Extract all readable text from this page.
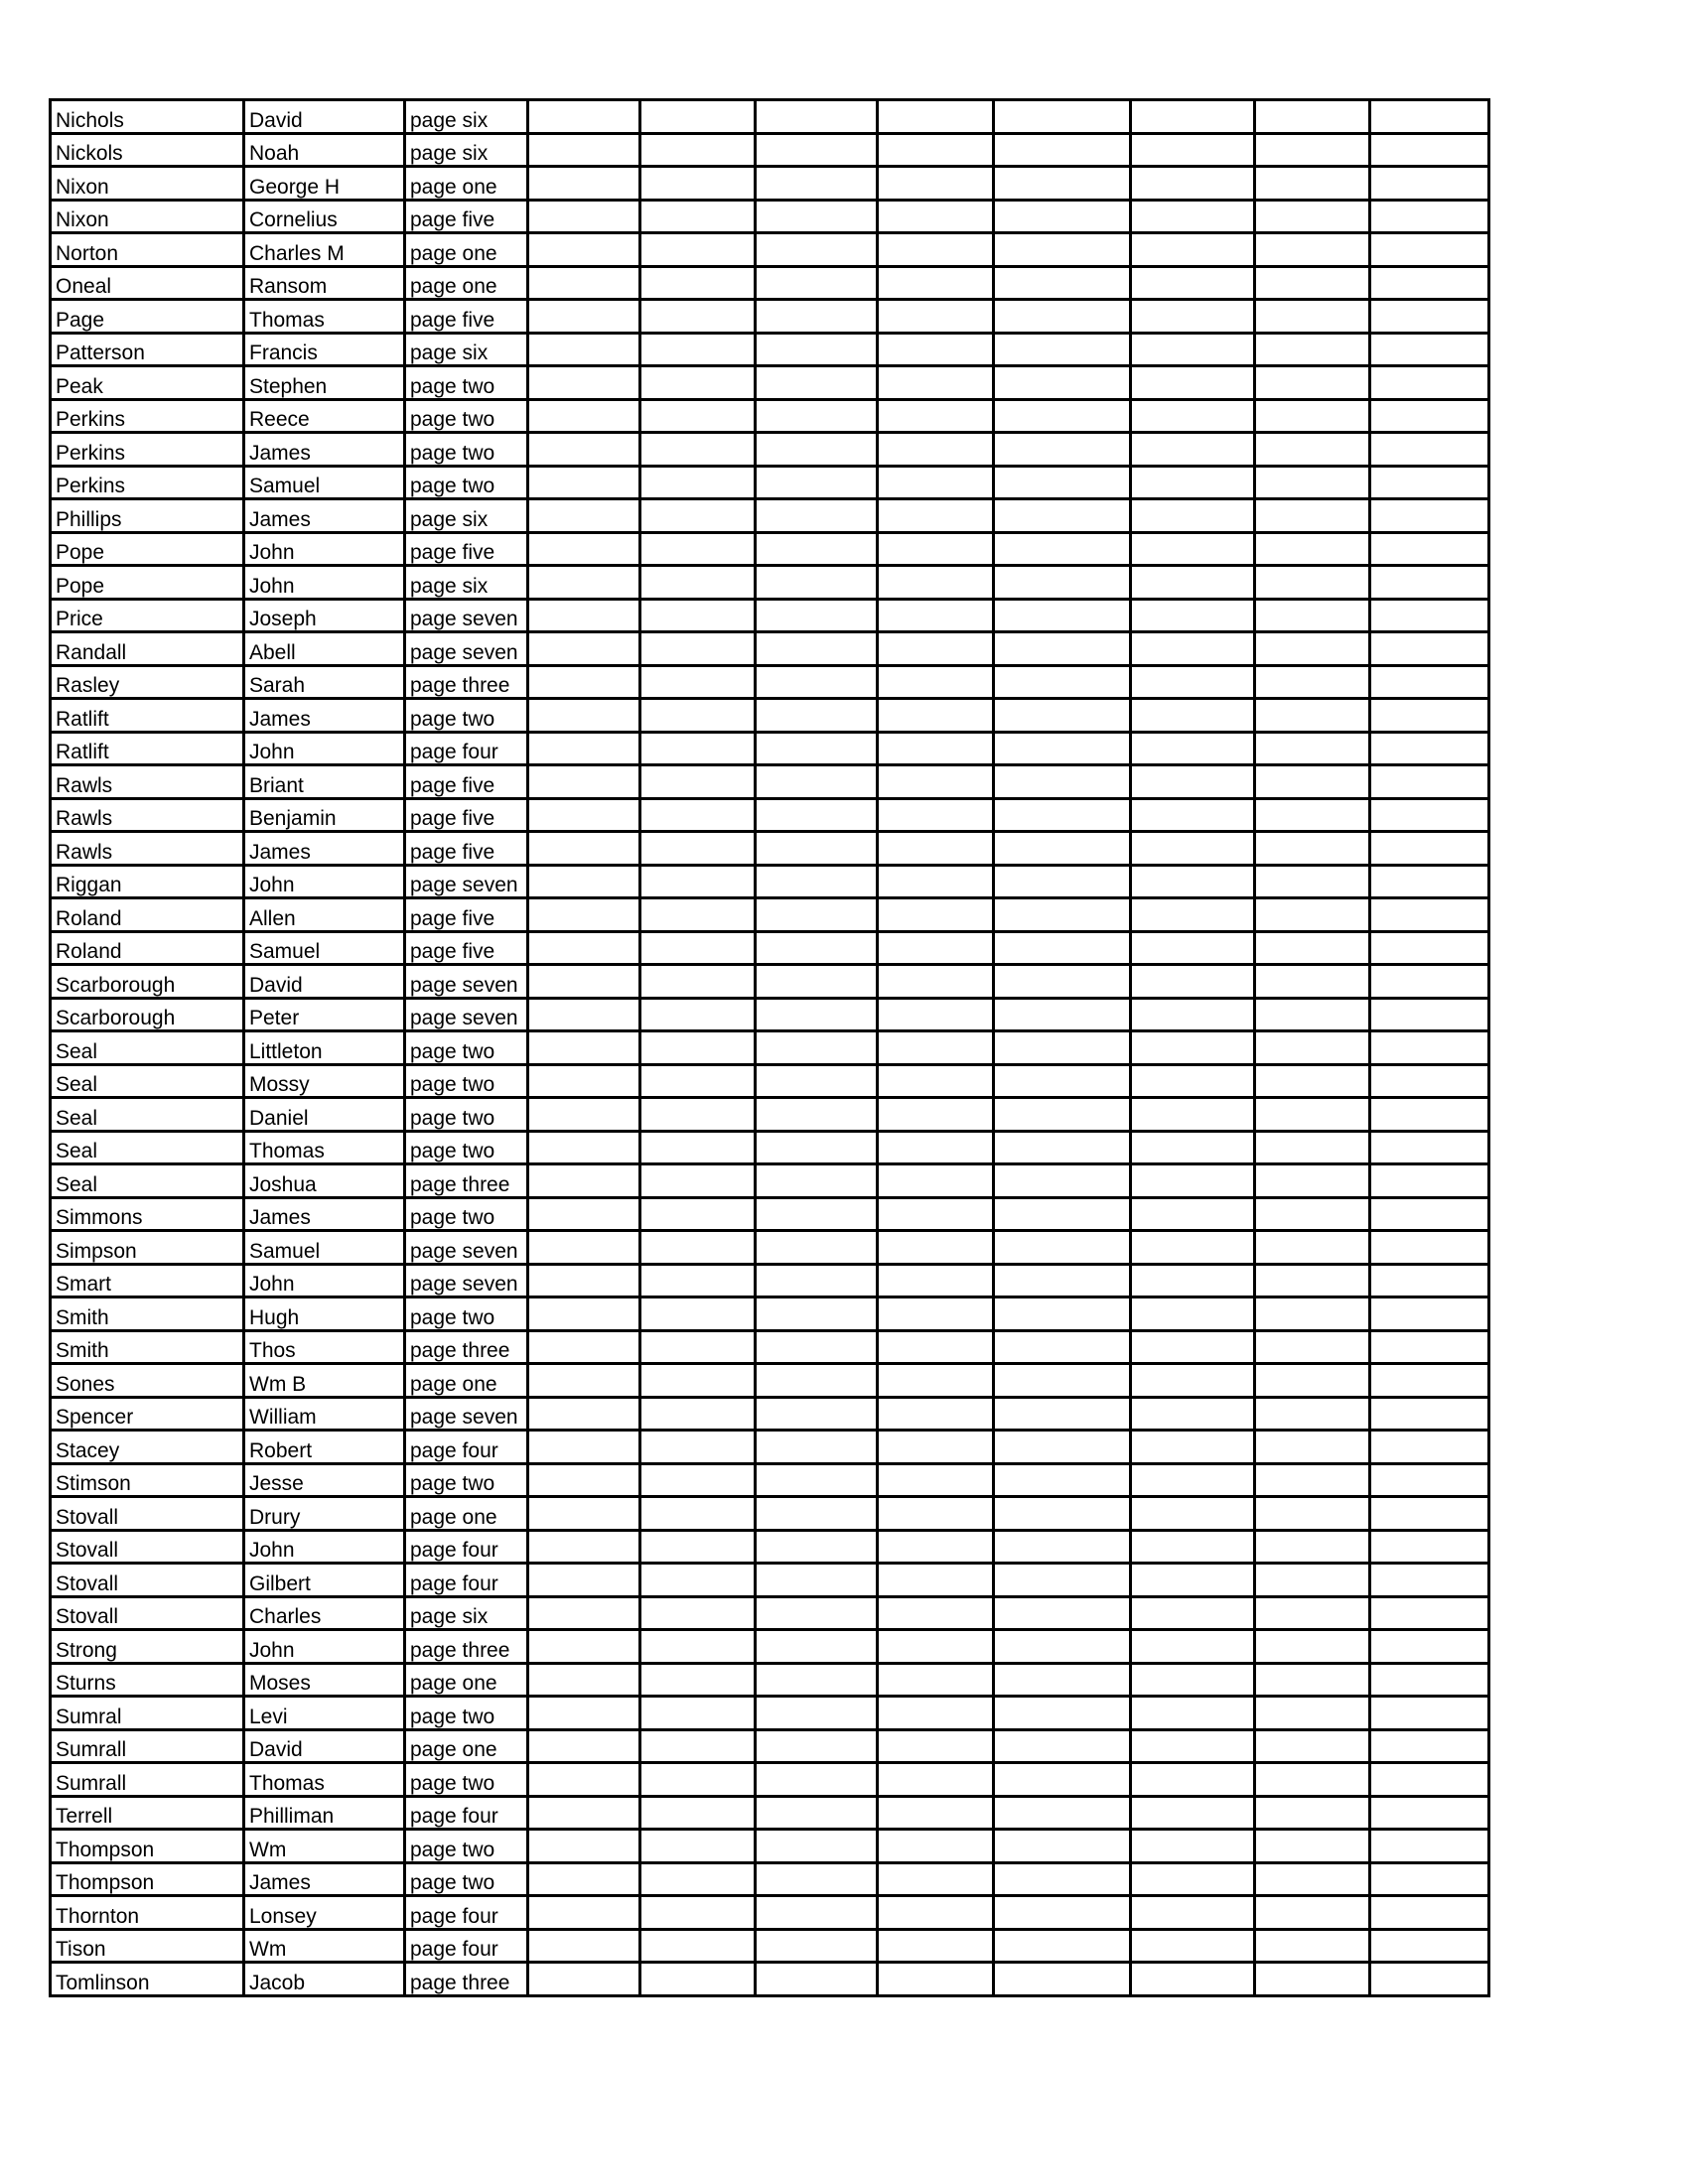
Nichols	David	page six								
Nickols	Noah	page six								
Nixon	George H	page one								
Nixon	Cornelius	page five								
Norton	Charles M	page one								
Oneal	Ransom	page one								
Page	Thomas	page five								
Patterson	Francis	page six								
Peak	Stephen	page two								
Perkins	Reece	page two								
Perkins	James	page two								
Perkins	Samuel	page two								
Phillips	James	page six								
Pope	John	page five								
Pope	John	page six								
Price	Joseph	page seven								
Randall	Abell	page seven								
Rasley	Sarah	page three								
Ratlift	James	page two								
Ratlift	John	page four								
Rawls	Briant	page five								
Rawls	Benjamin	page five								
Rawls	James	page five								
Riggan	John	page seven								
Roland	Allen	page five								
Roland	Samuel	page five								
Scarborough	David	page seven								
Scarborough	Peter	page seven								
Seal	Littleton	page two								
Seal	Mossy	page two								
Seal	Daniel	page two								
Seal	Thomas	page two								
Seal	Joshua	page three								
Simmons	James	page two								
Simpson	Samuel	page seven								
Smart	John	page seven								
Smith	Hugh	page two								
Smith	Thos	page three								
Sones	Wm B	page one								
Spencer	William	page seven								
Stacey	Robert	page four								
Stimson	Jesse	page two								
Stovall	Drury	page one								
Stovall	John	page four								
Stovall	Gilbert	page four								
Stovall	Charles	page six								
Strong	John	page three								
Sturns	Moses	page one								
Sumral	Levi	page two								
Sumrall	David	page one								
Sumrall	Thomas	page two								
Terrell	Philliman	page four								
Thompson	Wm	page two								
Thompson	James	page two								
Thornton	Lonsey	page four								
Tison	Wm	page four								
Tomlinson	Jacob	page three								
